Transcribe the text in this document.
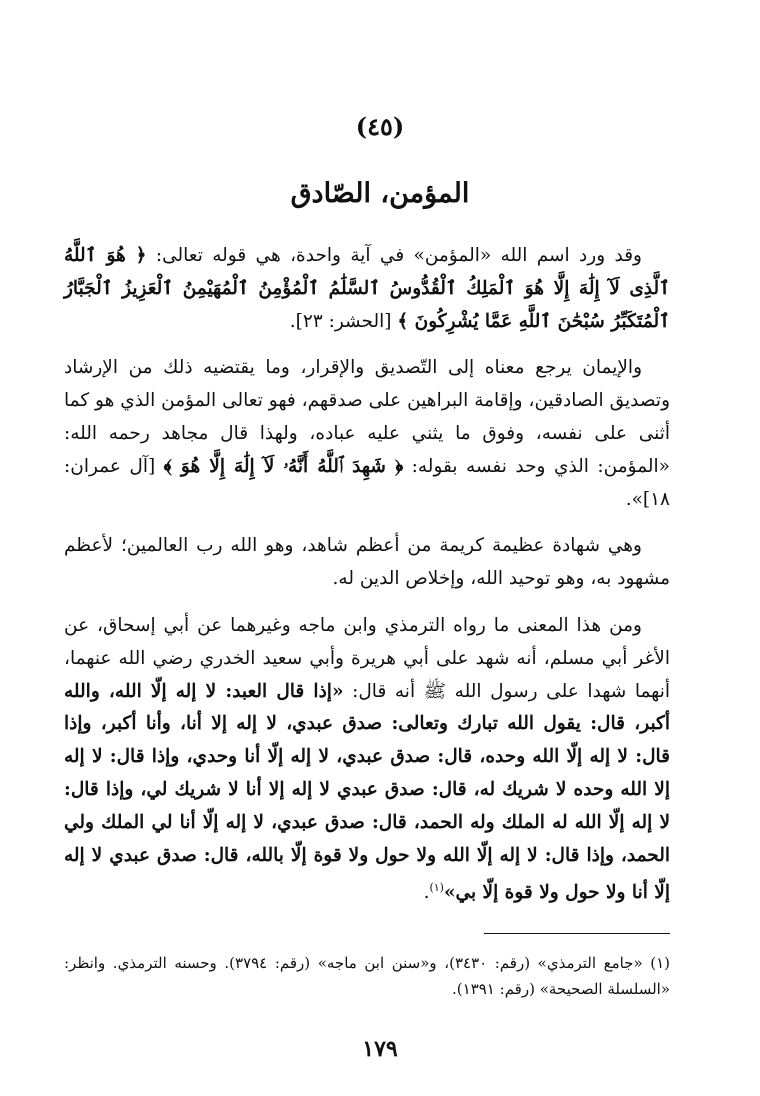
(٤٥)
المؤمن، الصّادق

وقد ورد اسم الله «المؤمن» في آية واحدة، هي قوله تعالى: ﴿ هُوَ ٱللَّهُ ٱلَّذِى لَآ إِلَٰهَ إِلَّا هُوَ ٱلْمَلِكُ ٱلْقُدُّوسُ ٱلسَّلَٰمُ ٱلْمُؤْمِنُ ٱلْمُهَيْمِنُ ٱلْعَزِيزُ ٱلْجَبَّارُ ٱلْمُتَكَبِّرُ سُبْحَٰنَ ٱللَّهِ عَمَّا يُشْرِكُونَ ﴾ [الحشر: ٢٣].

والإيمان يرجع معناه إلى التّصديق والإقرار، وما يقتضيه ذلك من الإرشاد وتصديق الصادقين، وإقامة البراهين على صدقهم، فهو تعالى المؤمن الذي هو كما أثنى على نفسه، وفوق ما يثني عليه عباده، ولهذا قال مجاهد رحمه الله: «المؤمن: الذي وحد نفسه بقوله: ﴿ شَهِدَ ٱللَّهُ أَنَّهُۥ لَآ إِلَٰهَ إِلَّا هُوَ ﴾ [آل عمران: ١٨]».

وهي شهادة عظيمة كريمة من أعظم شاهد، وهو الله رب العالمين؛ لأعظم مشهود به، وهو توحيد الله، وإخلاص الدين له.

ومن هذا المعنى ما رواه الترمذي وابن ماجه وغيرهما عن أبي إسحاق، عن الأغر أبي مسلم، أنه شهد على أبي هريرة وأبي سعيد الخدري رضي الله عنهما، أنهما شهدا على رسول الله ﷺ أنه قال: «إذا قال العبد: لا إله إلّا الله، والله أكبر، قال: يقول الله تبارك وتعالى: صدق عبدي، لا إله إلا أنا، وأنا أكبر، وإذا قال: لا إله إلّا الله وحده، قال: صدق عبدي، لا إله إلّا أنا وحدي، وإذا قال: لا إله إلا الله وحده لا شريك له، قال: صدق عبدي لا إله إلا أنا لا شريك لي، وإذا قال: لا إله إلّا الله له الملك وله الحمد، قال: صدق عبدي، لا إله إلّا أنا لي الملك ولي الحمد، وإذا قال: لا إله إلّا الله ولا حول ولا قوة إلّا بالله، قال: صدق عبدي لا إله إلّا أنا ولا حول ولا قوة إلّا بي»$^{(١)}$.

(١) «جامع الترمذي» (رقم: ٣٤٣٠)، و«سنن ابن ماجه» (رقم: ٣٧٩٤). وحسنه الترمذي. وانظر: «السلسلة الصحيحة» (رقم: ١٣٩١).

١٧٩
